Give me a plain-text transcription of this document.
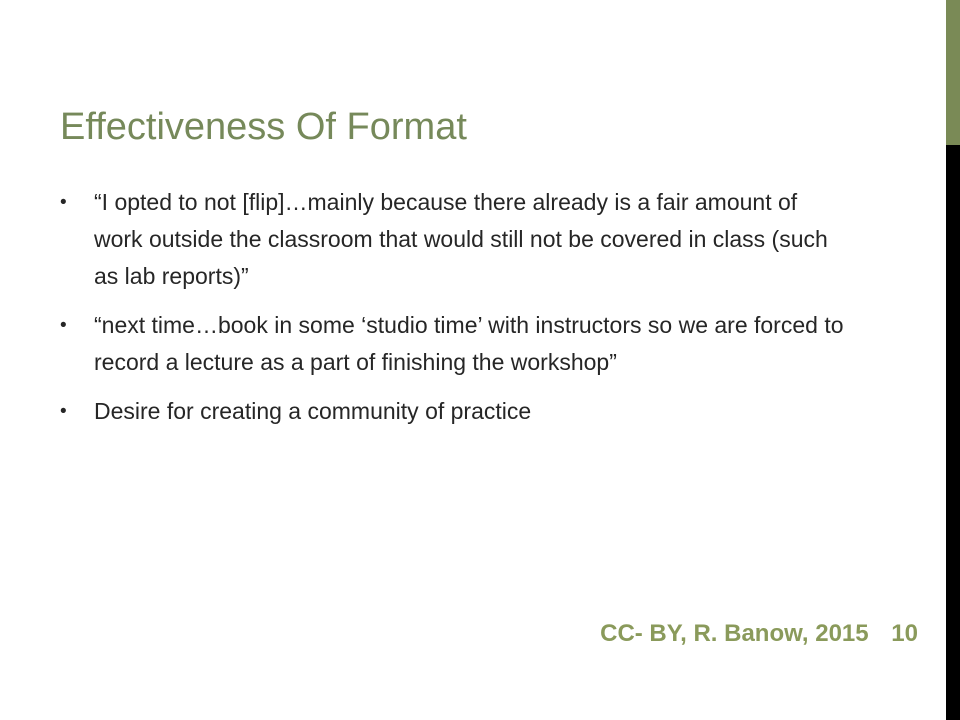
Effectiveness Of Format
• “I opted to not [flip]…mainly because there already is a fair amount of work outside the classroom that would still not be covered in class (such as lab reports)”
• “next time…book in some ‘studio time’ with instructors so we are forced to record a lecture as a part of finishing the workshop”
• Desire for creating a community of practice
CC- BY, R. Banow, 2015 10
